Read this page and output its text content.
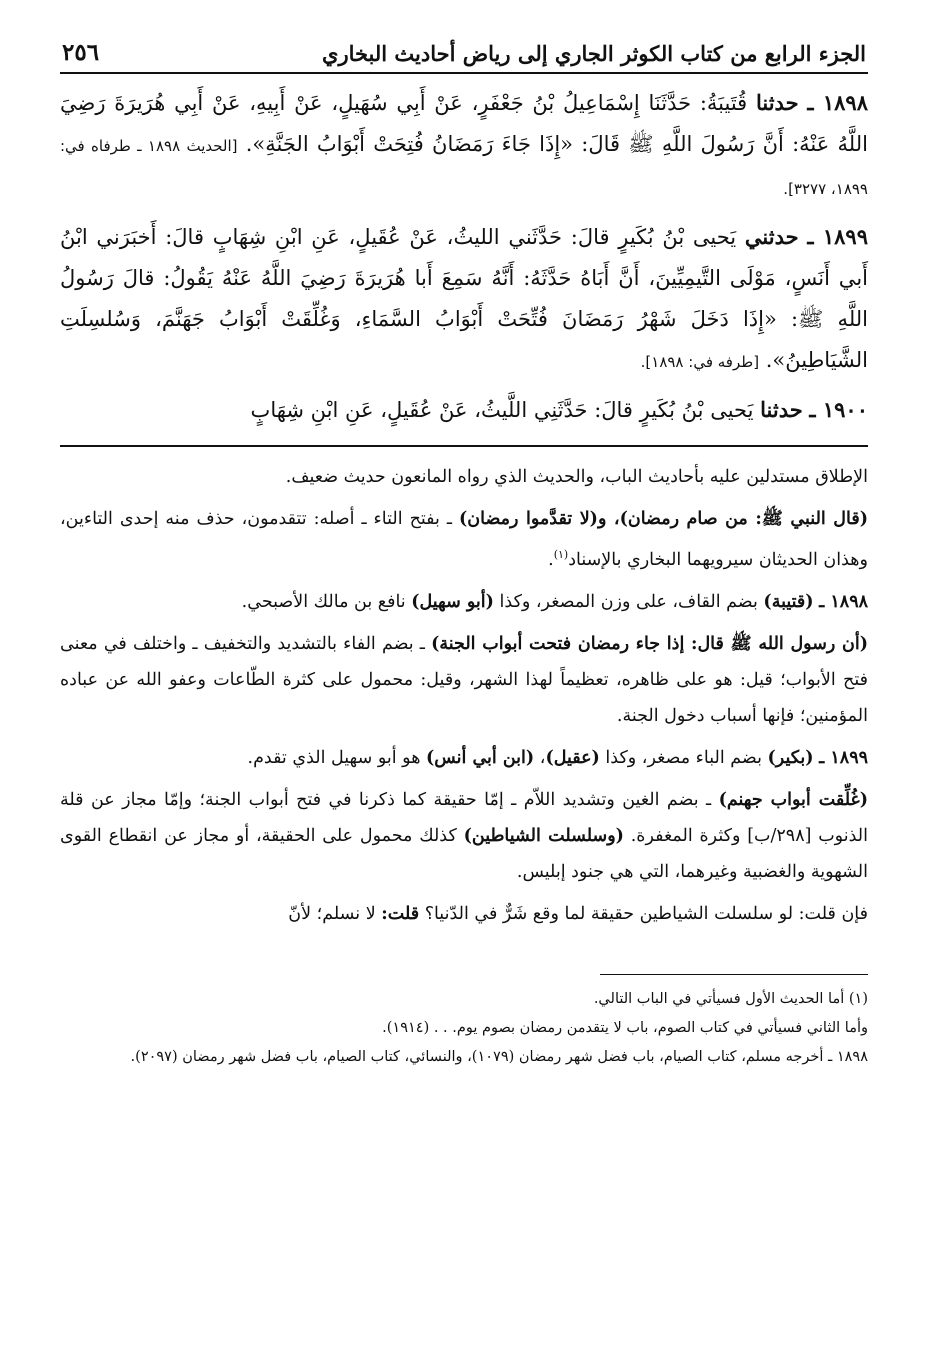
الجزء الرابع من كتاب الكوثر الجاري إلى رياض أحاديث البخاري
٢٥٦

١٨٩٨ ـ حدثنا قُتَيبَةُ: حَدَّثَنَا إِسْمَاعِيلُ بْنُ جَعْفَرٍ، عَنْ أَبِي سُهَيلٍ، عَنْ أَبِيهِ، عَنْ أَبِي هُرَيرَةَ رَضِيَ اللَّهُ عَنْهُ: أَنَّ رَسُولَ اللَّهِ ﷺ قَالَ: «إِذَا جَاءَ رَمَضَانُ فُتِحَتْ أَبْوَابُ الجَنَّةِ». [الحديث ١٨٩٨ ـ طرفاه في: ١٨٩٩، ٣٢٧٧].

١٨٩٩ ـ حدثني يَحيى بْنُ بُكَيرٍ قالَ: حَدَّثَني الليثُ، عَنْ عُقَيلٍ، عَنِ ابْنِ شِهَابٍ قالَ: أَخبَرَني ابْنُ أَبي أَنَسٍ، مَوْلَى التَّيمِيِّينَ، أَنَّ أَبَاهُ حَدَّثَهُ: أَنَّهُ سَمِعَ أَبا هُرَيرَةَ رَضِيَ اللَّهُ عَنْهُ يَقُولُ: قالَ رَسُولُ اللَّهِ ﷺ: «إِذَا دَخَلَ شَهْرُ رَمَضَانَ فُتِّحَتْ أَبْوَابُ السَّمَاءِ، وَغُلِّقَتْ أَبْوَابُ جَهَنَّمَ، وَسُلسِلَتِ الشَّيَاطِينُ». [طرفه في: ١٨٩٨].

١٩٠٠ ـ حدثنا يَحيى بْنُ بُكَيرٍ قالَ: حَدَّثَنِي اللَّيثُ، عَنْ عُقَيلٍ، عَنِ ابْنِ شِهَابٍ

الإطلاق مستدلين عليه بأحاديث الباب، والحديث الذي رواه المانعون حديث ضعيف.

(قال النبي ﷺ: من صام رمضان)، و(لا تقدَّموا رمضان) ـ بفتح التاء ـ أصله: تتقدمون، حذف منه إحدى التاءين، وهذان الحديثان سيرويهما البخاري بالإسناد$^{(١)}$.

١٨٩٨ ـ (قتيبة) بضم القاف، على وزن المصغر، وكذا (أبو سهيل) نافع بن مالك الأصبحي.

(أن رسول الله ﷺ قال: إذا جاء رمضان فتحت أبواب الجنة) ـ بضم الفاء بالتشديد والتخفيف ـ واختلف في معنى فتح الأبواب؛ قيل: هو على ظاهره، تعظيماً لهذا الشهر، وقيل: محمول على كثرة الطّاعات وعفو الله عن عباده المؤمنين؛ فإنها أسباب دخول الجنة.

١٨٩٩ ـ (بكير) بضم الباء مصغر، وكذا (عقيل)، (ابن أبي أنس) هو أبو سهيل الذي تقدم.

(غُلِّقت أبواب جهنم) ـ بضم الغين وتشديد اللاّم ـ إمّا حقيقة كما ذكرنا في فتح أبواب الجنة؛ وإمّا مجاز عن قلة الذنوب [٢٩٨/ب] وكثرة المغفرة. (وسلسلت الشياطين) كذلك محمول على الحقيقة، أو مجاز عن انقطاع القوى الشهوية والغضبية وغيرهما، التي هي جنود إبليس.

فإن قلت: لو سلسلت الشياطين حقيقة لما وقع شَرٌّ في الدّنيا؟ قلت: لا نسلم؛ لأنّ

(١) أما الحديث الأول فسيأتي في الباب التالي.

وأما الثاني فسيأتي في كتاب الصوم، باب لا يتقدمن رمضان بصوم يوم. . . (١٩١٤).

١٨٩٨ ـ أخرجه مسلم، كتاب الصيام، باب فضل شهر رمضان (١٠٧٩)، والنسائي، كتاب الصيام، باب فضل شهر رمضان (٢٠٩٧).
